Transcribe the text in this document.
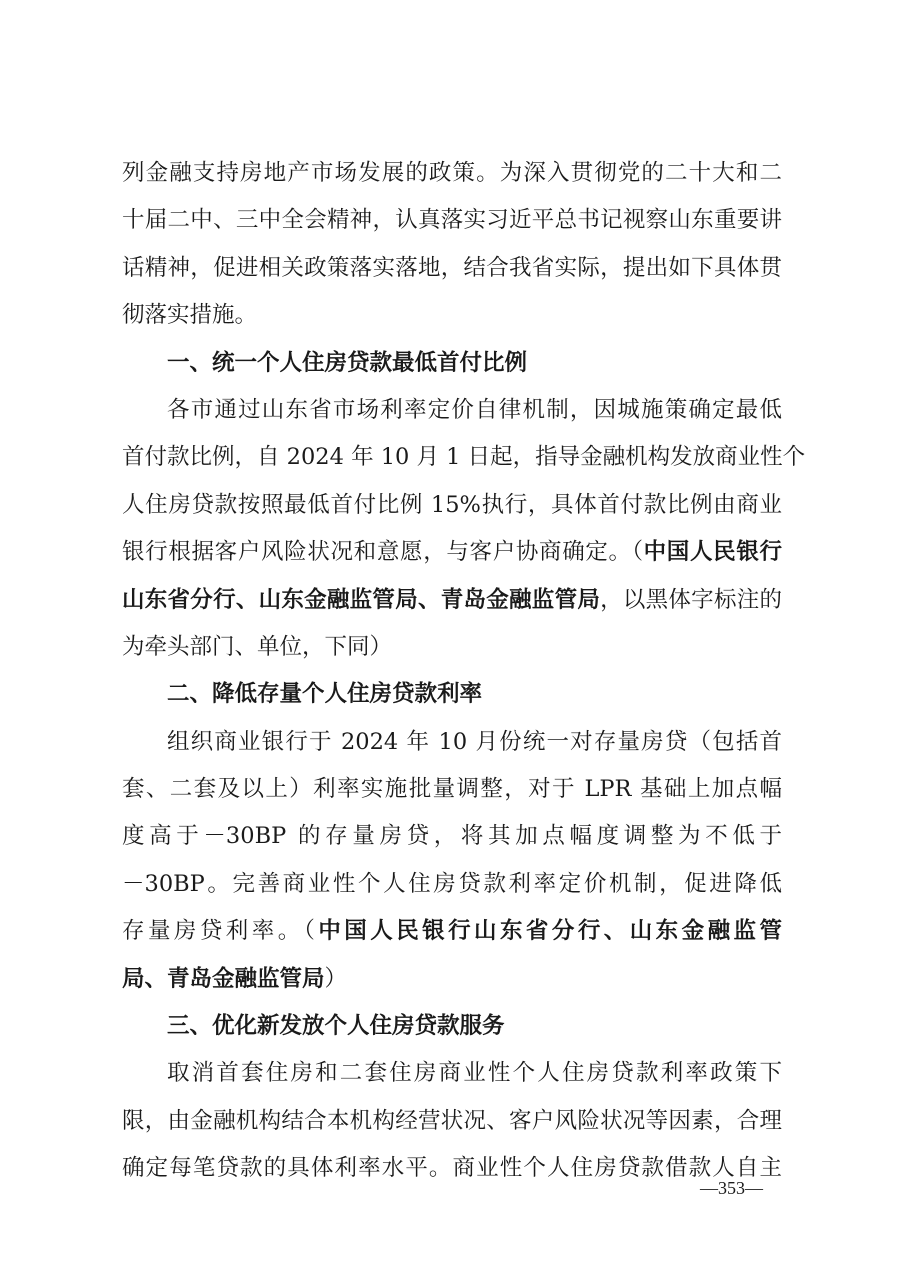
列金融支持房地产市场发展的政策。为深入贯彻党的二十大和二
十届二中、三中全会精神，认真落实习近平总书记视察山东重要讲
话精神，促进相关政策落实落地，结合我省实际，提出如下具体贯
彻落实措施。
一、统一个人住房贷款最低首付比例
各市通过山东省市场利率定价自律机制，因城施策确定最低
首付款比例，自 2024 年 10 月 1 日起，指导金融机构发放商业性个
人住房贷款按照最低首付比例 15%执行，具体首付款比例由商业
银行根据客户风险状况和意愿，与客户协商确定。（中国人民银行
山东省分行、山东金融监管局、青岛金融监管局，以黑体字标注的
为牵头部门、单位，下同）
二、降低存量个人住房贷款利率
组织商业银行于 2024 年 10 月份统一对存量房贷（包括首
套、二套及以上）利率实施批量调整，对于 LPR 基础上加点幅
度高于－30BP 的存量房贷，将其加点幅度调整为不低于
－30BP。完善商业性个人住房贷款利率定价机制，促进降低
存量房贷利率。（中国人民银行山东省分行、山东金融监管
局、青岛金融监管局）
三、优化新发放个人住房贷款服务
取消首套住房和二套住房商业性个人住房贷款利率政策下
限，由金融机构结合本机构经营状况、客户风险状况等因素，合理
确定每笔贷款的具体利率水平。商业性个人住房贷款借款人自主
—353—
